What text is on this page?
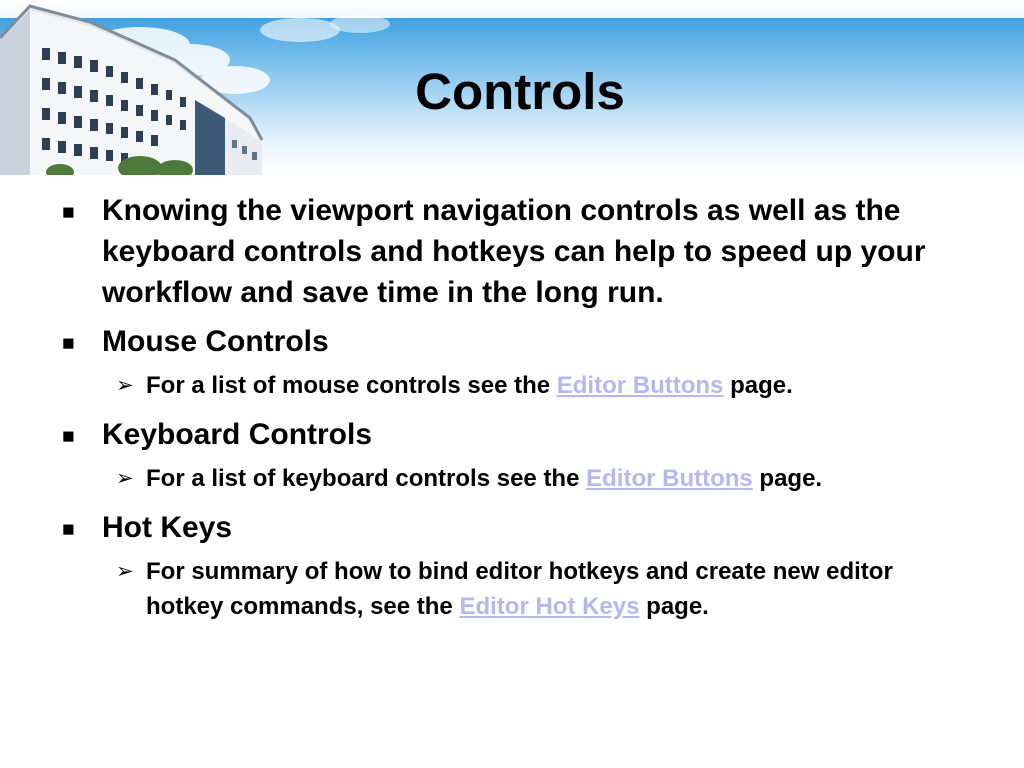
Controls
■ Knowing the viewport navigation controls as well as the keyboard controls and hotkeys can help to speed up your workflow and save time in the long run.
■ Mouse Controls
➢ For a list of mouse controls see the Editor Buttons page.
■ Keyboard Controls
➢ For a list of keyboard controls see the Editor Buttons page.
■ Hot Keys
➢ For summary of how to bind editor hotkeys and create new editor hotkey commands, see the Editor Hot Keys page.
